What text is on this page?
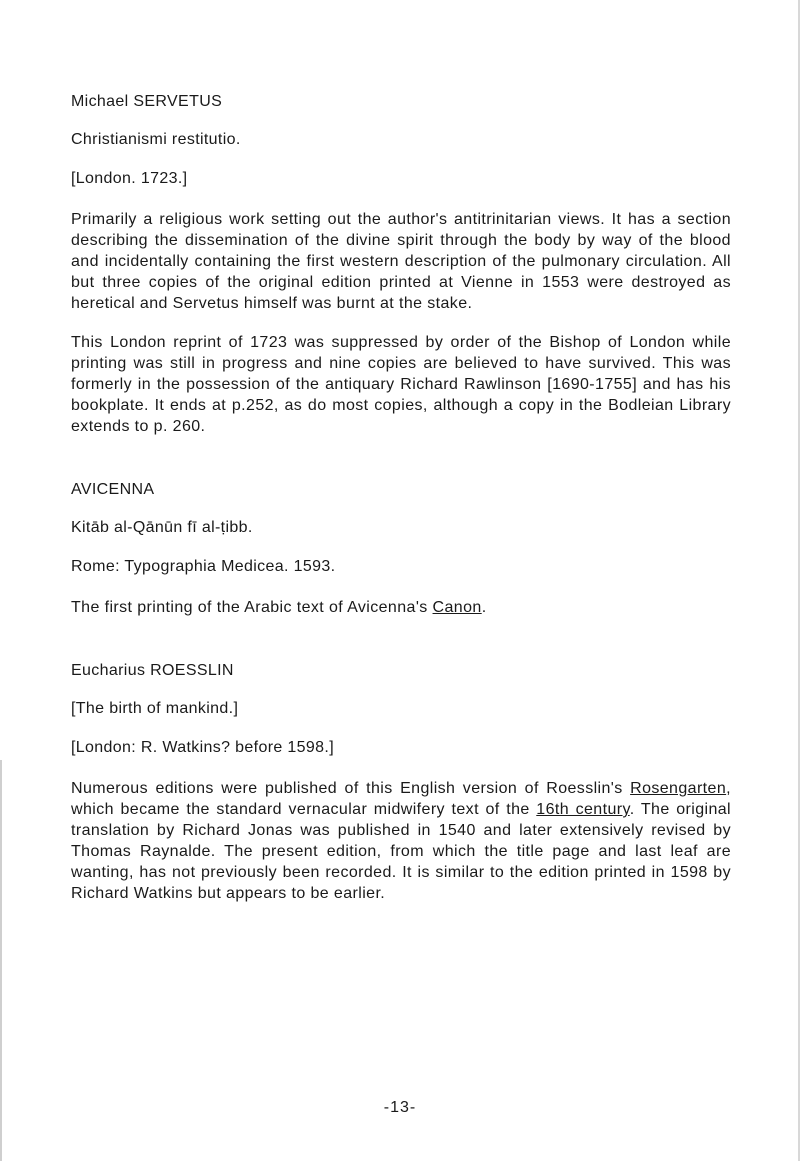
Michael SERVETUS

Christianismi restitutio.

[London. 1723.]

Primarily a religious work setting out the author's antitrinitarian views. It has a section describing the dissemination of the divine spirit through the body by way of the blood and incidentally containing the first western description of the pulmonary circulation. All but three copies of the original edition printed at Vienne in 1553 were destroyed as heretical and Servetus himself was burnt at the stake.

This London reprint of 1723 was suppressed by order of the Bishop of London while printing was still in progress and nine copies are believed to have survived. This was formerly in the possession of the antiquary Richard Rawlinson [1690-1755] and has his bookplate. It ends at p.252, as do most copies, although a copy in the Bodleian Library extends to p. 260.

AVICENNA

Kitāb al-Qānūn fī al-ṭibb.

Rome: Typographia Medicea. 1593.

The first printing of the Arabic text of Avicenna's Canon.

Eucharius ROESSLIN

[The birth of mankind.]

[London: R. Watkins? before 1598.]

Numerous editions were published of this English version of Roesslin's Rosengarten, which became the standard vernacular midwifery text of the 16th century. The original translation by Richard Jonas was published in 1540 and later extensively revised by Thomas Raynalde. The present edition, from which the title page and last leaf are wanting, has not previously been recorded. It is similar to the edition printed in 1598 by Richard Watkins but appears to be earlier.

-13-
